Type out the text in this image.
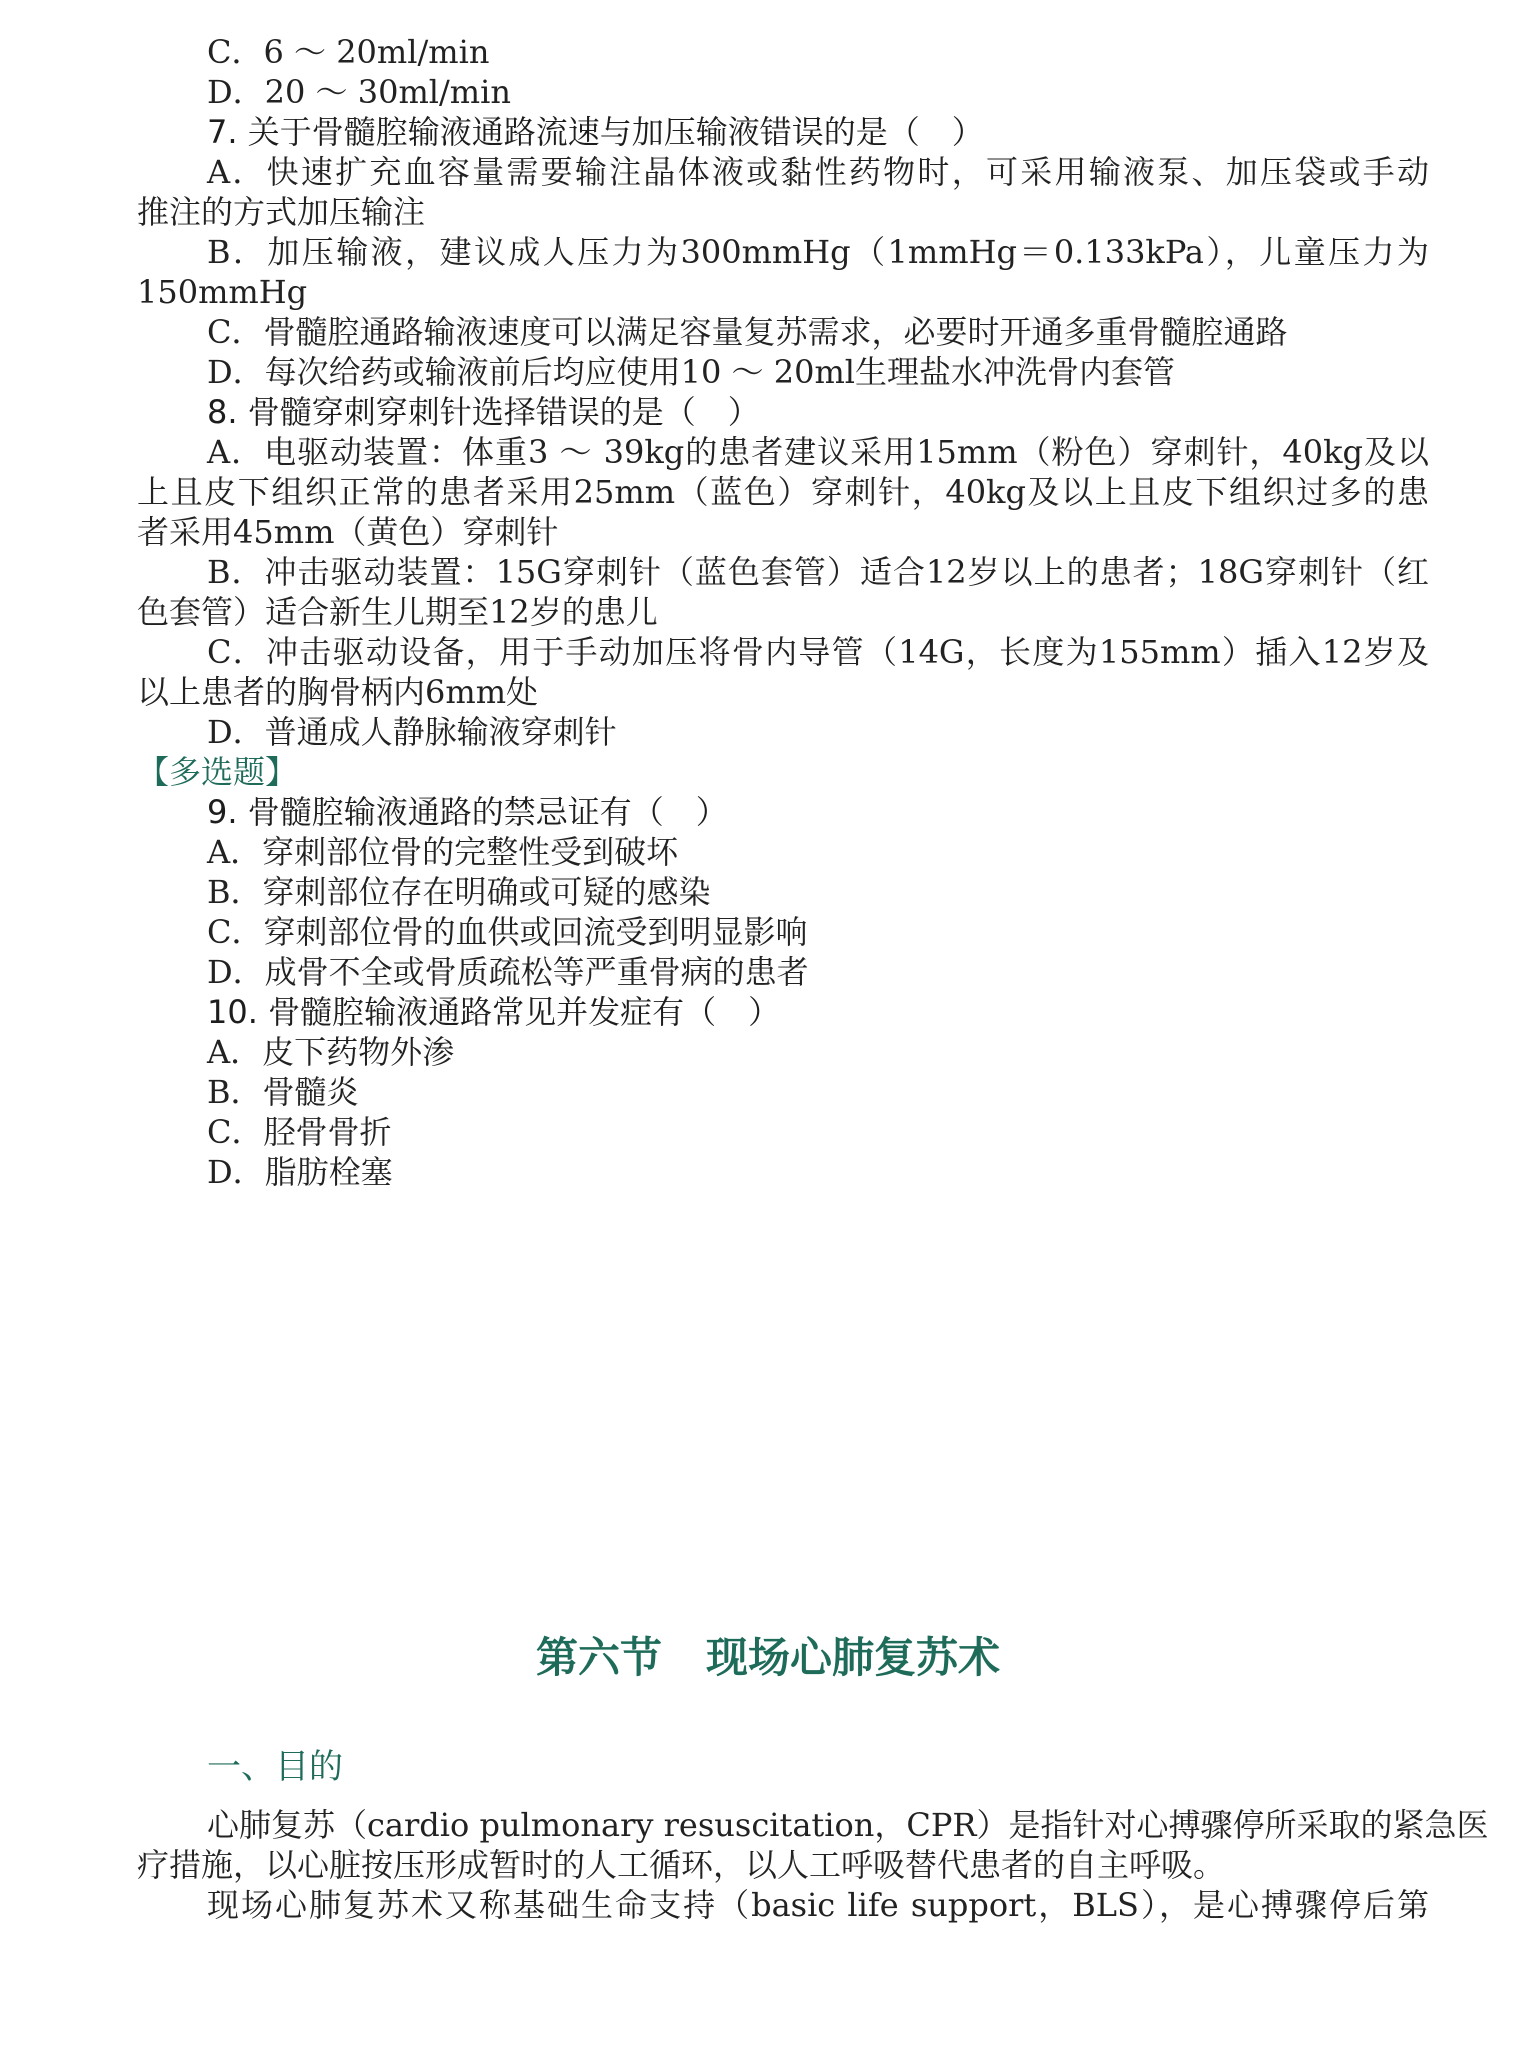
C．6 ～ 20ml/min
D．20 ～ 30ml/min
7. 关于骨髓腔输液通路流速与加压输液错误的是（　）
A．快速扩充血容量需要输注晶体液或黏性药物时，可采用输液泵、加压袋或手动
推注的方式加压输注
B．加压输液，建议成人压力为300mmHg（1mmHg＝0.133kPa），儿童压力为
150mmHg
C．骨髓腔通路输液速度可以满足容量复苏需求，必要时开通多重骨髓腔通路
D．每次给药或输液前后均应使用10 ～ 20ml生理盐水冲洗骨内套管
8. 骨髓穿刺穿刺针选择错误的是（　）
A．电驱动装置：体重3 ～ 39kg的患者建议采用15mm（粉色）穿刺针，40kg及以
上且皮下组织正常的患者采用25mm（蓝色）穿刺针，40kg及以上且皮下组织过多的患
者采用45mm（黄色）穿刺针
B．冲击驱动装置：15G穿刺针（蓝色套管）适合12岁以上的患者；18G穿刺针（红
色套管）适合新生儿期至12岁的患儿
C．冲击驱动设备，用于手动加压将骨内导管（14G，长度为155mm）插入12岁及
以上患者的胸骨柄内6mm处
D．普通成人静脉输液穿刺针
【多选题】
9. 骨髓腔输液通路的禁忌证有（　）
A．穿刺部位骨的完整性受到破坏
B．穿刺部位存在明确或可疑的感染
C．穿刺部位骨的血供或回流受到明显影响
D．成骨不全或骨质疏松等严重骨病的患者
10. 骨髓腔输液通路常见并发症有（　）
A．皮下药物外渗
B．骨髓炎
C．胫骨骨折
D．脂肪栓塞
第六节 现场心肺复苏术
一、目的
心肺复苏（cardio pulmonary resuscitation，CPR）是指针对心搏骤停所采取的紧急医
疗措施，以心脏按压形成暂时的人工循环，以人工呼吸替代患者的自主呼吸。
现场心肺复苏术又称基础生命支持（basic life support，BLS），是心搏骤停后第
